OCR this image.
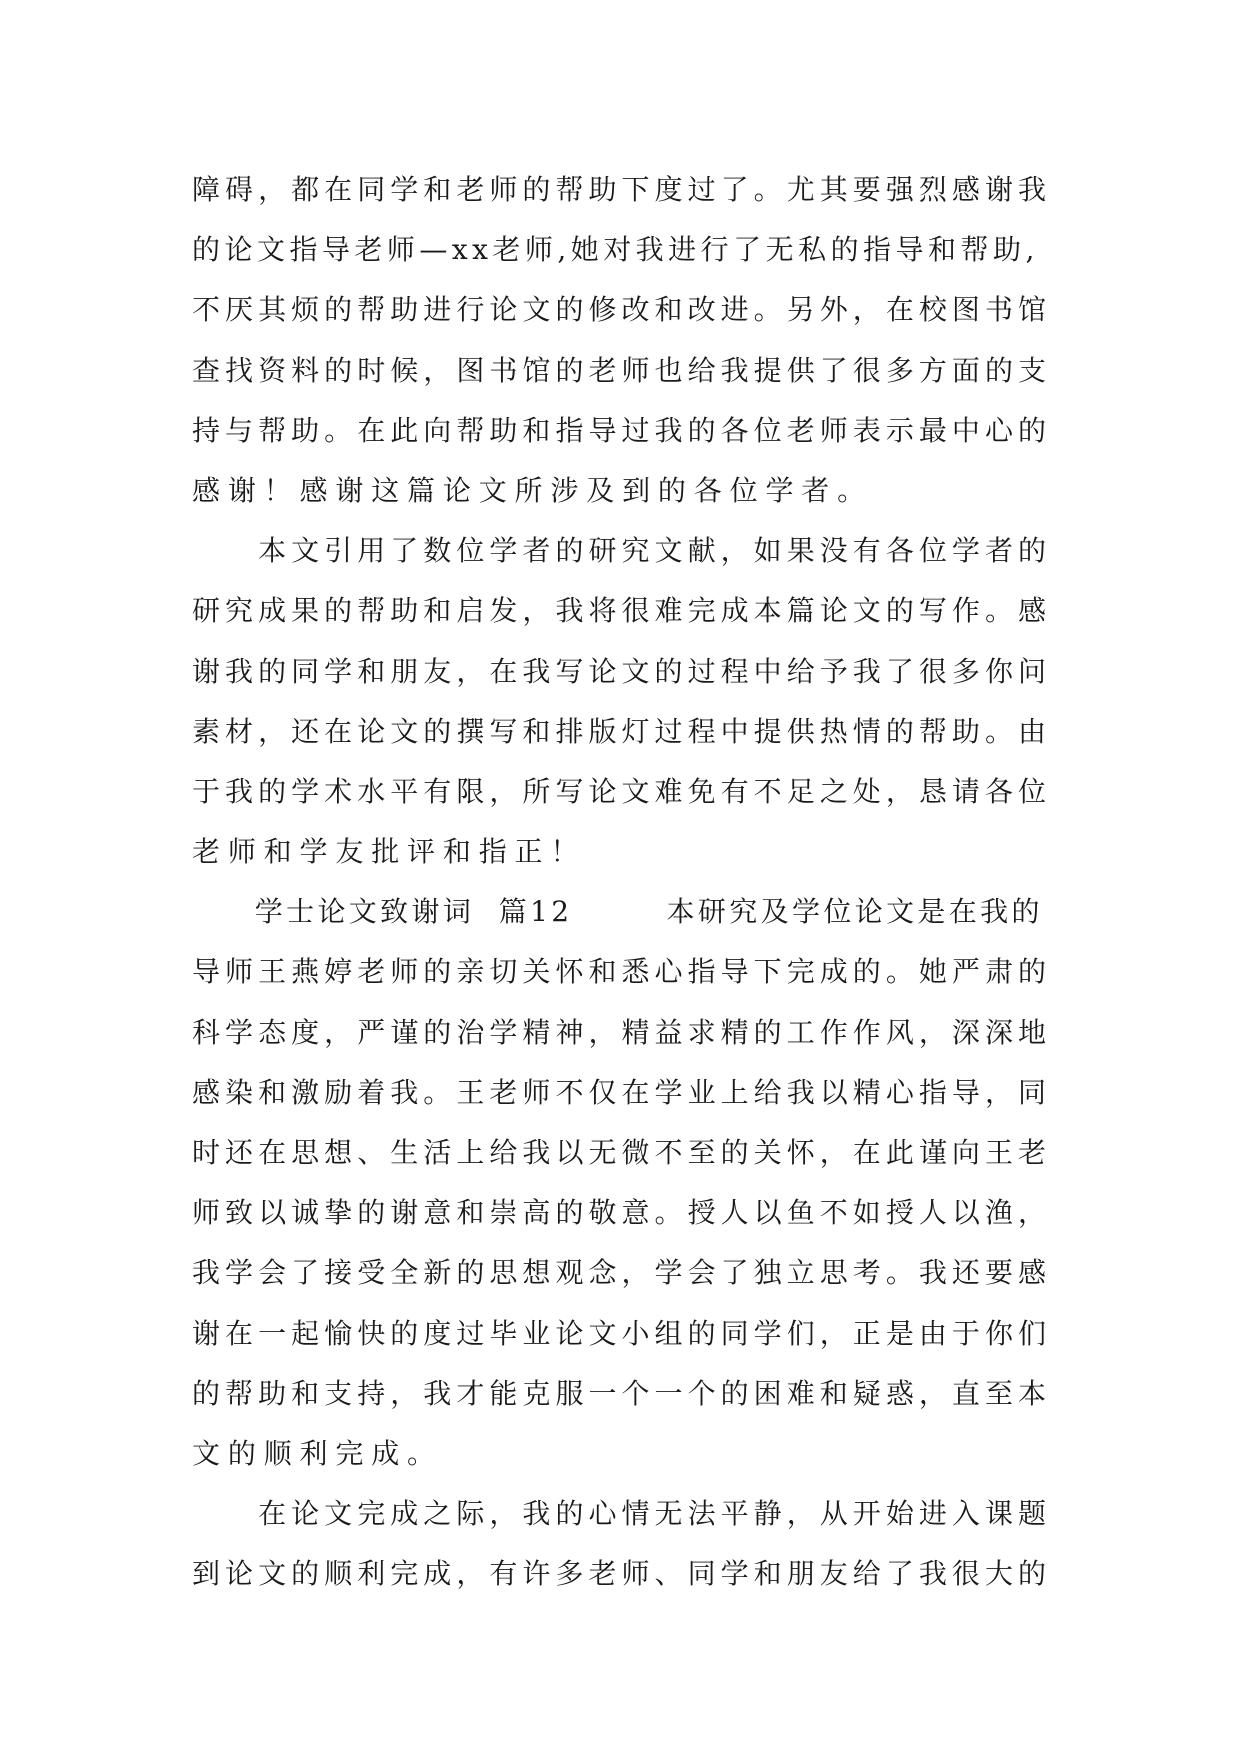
障碍，都在同学和老师的帮助下度过了。尤其要强烈感谢我

的论文指导老师—xx老师,她对我进行了无私的指导和帮助,

不厌其烦的帮助进行论文的修改和改进。另外，在校图书馆

查找资料的时候，图书馆的老师也给我提供了很多方面的支

持与帮助。在此向帮助和指导过我的各位老师表示最中心的

感谢！感谢这篇论文所涉及到的各位学者。

　　本文引用了数位学者的研究文献，如果没有各位学者的

研究成果的帮助和启发，我将很难完成本篇论文的写作。感

谢我的同学和朋友，在我写论文的过程中给予我了很多你问

素材，还在论文的撰写和排版灯过程中提供热情的帮助。由

于我的学术水平有限，所写论文难免有不足之处，恳请各位

老师和学友批评和指正！

　　学士论文致谢词  篇12　　　本研究及学位论文是在我的

导师王燕婷老师的亲切关怀和悉心指导下完成的。她严肃的

科学态度，严谨的治学精神，精益求精的工作作风，深深地

感染和激励着我。王老师不仅在学业上给我以精心指导，同

时还在思想、生活上给我以无微不至的关怀，在此谨向王老

师致以诚挚的谢意和崇高的敬意。授人以鱼不如授人以渔，

我学会了接受全新的思想观念，学会了独立思考。我还要感

谢在一起愉快的度过毕业论文小组的同学们，正是由于你们

的帮助和支持，我才能克服一个一个的困难和疑惑，直至本

文的顺利完成。

　　在论文完成之际，我的心情无法平静，从开始进入课题

到论文的顺利完成，有许多老师、同学和朋友给了我很大的
